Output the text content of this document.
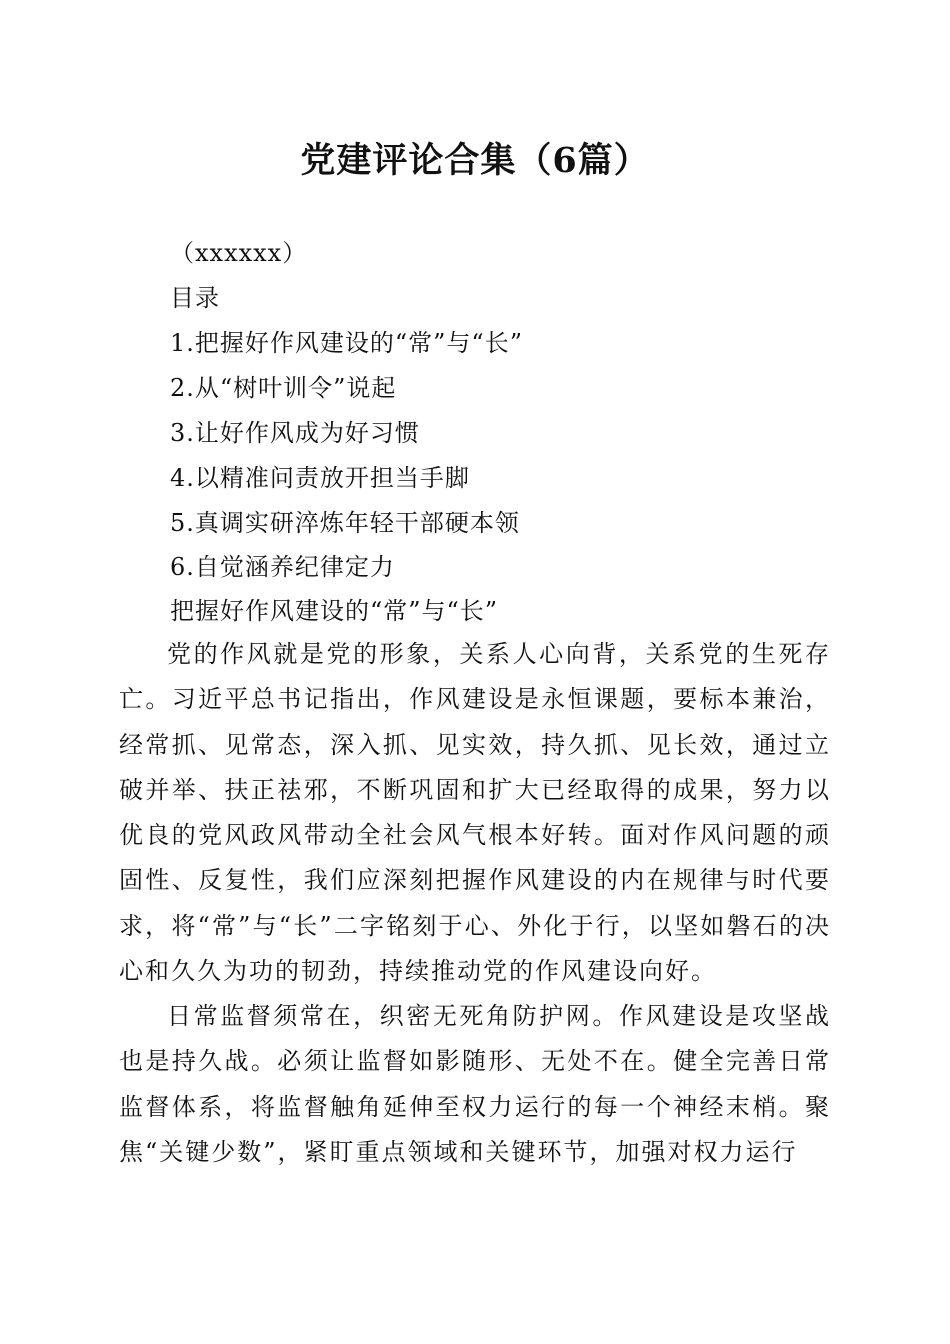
党建评论合集（6篇）
（xxxxxx）
目录
1.把握好作风建设的“常”与“长”
2.从“树叶训令”说起
3.让好作风成为好习惯
4.以精准问责放开担当手脚
5.真调实研淬炼年轻干部硬本领
6.自觉涵养纪律定力
把握好作风建设的“常”与“长”
党的作风就是党的形象，关系人心向背，关系党的生死存亡。习近平总书记指出，作风建设是永恒课题，要标本兼治，经常抓、见常态，深入抓、见实效，持久抓、见长效，通过立破并举、扶正祛邪，不断巩固和扩大已经取得的成果，努力以优良的党风政风带动全社会风气根本好转。面对作风问题的顽固性、反复性，我们应深刻把握作风建设的内在规律与时代要求，将“常”与“长”二字铭刻于心、外化于行，以坚如磐石的决心和久久为功的韧劲，持续推动党的作风建设向好。
日常监督须常在，织密无死角防护网。作风建设是攻坚战也是持久战。必须让监督如影随形、无处不在。健全完善日常监督体系，将监督触角延伸至权力运行的每一个神经末梢。聚焦“关键少数”，紧盯重点领域和关键环节，加强对权力运行
